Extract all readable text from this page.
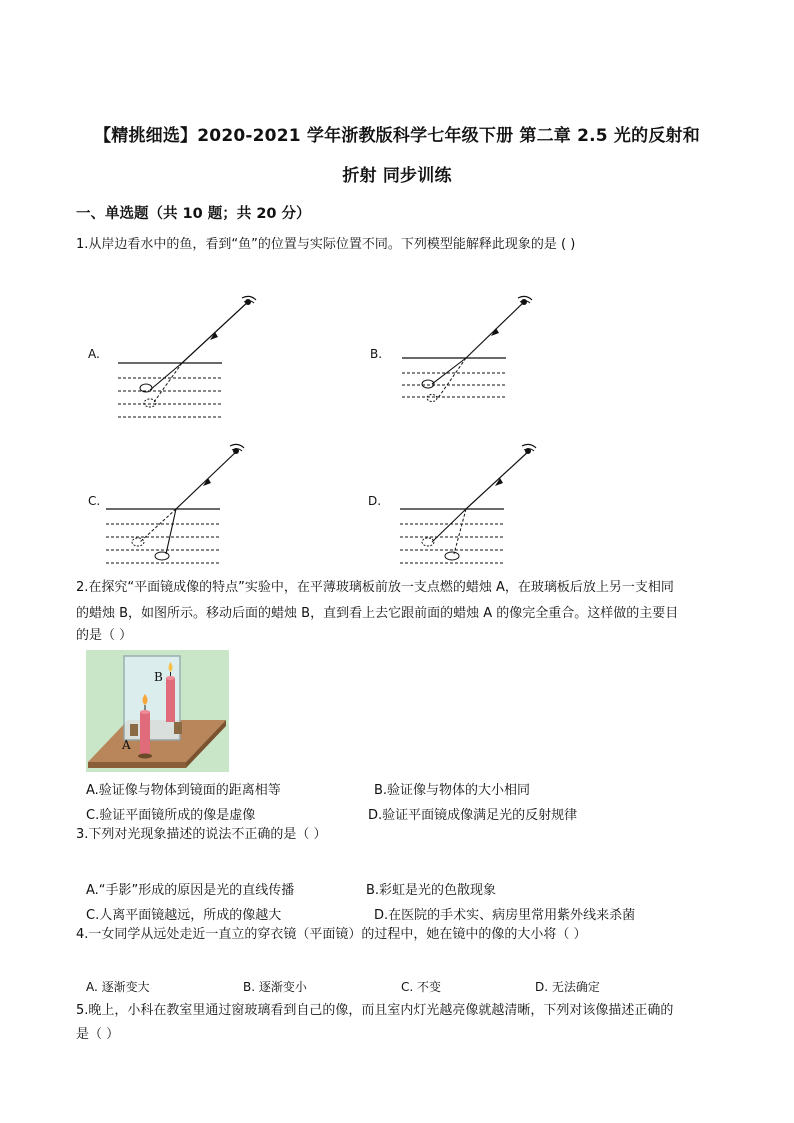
【精挑细选】2020-2021 学年浙教版科学七年级下册 第二章 2.5 光的反射和
折射 同步训练
一、单选题（共 10 题；共 20 分）
1.从岸边看水中的鱼，看到“鱼”的位置与实际位置不同。下列模型能解释此现象的是 ( )
A.	B.
C.	D.
2.在探究“平面镜成像的特点”实验中，在平薄玻璃板前放一支点燃的蜡烛 A，在玻璃板后放上另一支相同
的蜡烛 B，如图所示。移动后面的蜡烛 B，直到看上去它跟前面的蜡烛 A 的像完全重合。这样做的主要目
的是（ ）
B
A
A.验证像与物体到镜面的距离相等	B.验证像与物体的大小相同
C.验证平面镜所成的像是虚像	D.验证平面镜成像满足光的反射规律
3.下列对光现象描述的说法不正确的是（ ）
A.“手影”形成的原因是光的直线传播	B.彩虹是光的色散现象
C.人离平面镜越远，所成的像越大	D.在医院的手术实、病房里常用紫外线来杀菌
4.一女同学从远处走近一直立的穿衣镜（平面镜）的过程中，她在镜中的像的大小将（ ）
A. 逐渐变大	B. 逐渐变小	C. 不变	D. 无法确定
5.晚上，小科在教室里通过窗玻璃看到自己的像，而且室内灯光越亮像就越清晰，下列对该像描述正确的
是（ ）
